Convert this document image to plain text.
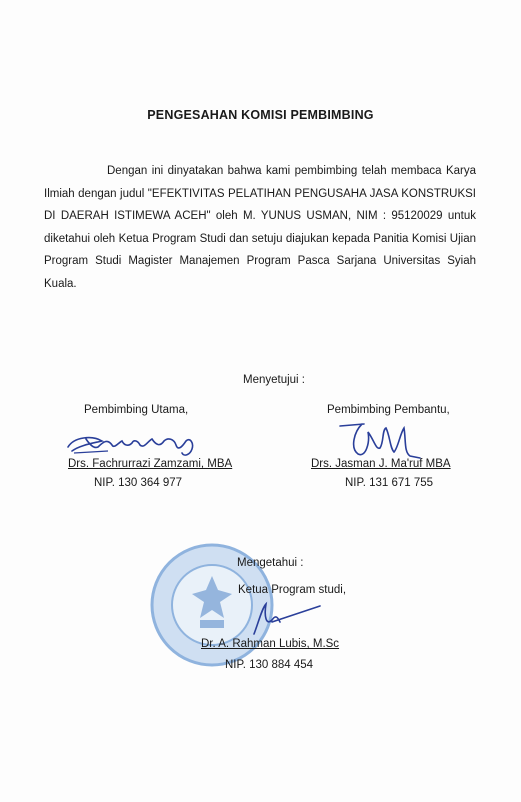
PENGESAHAN KOMISI PEMBIMBING

Dengan ini dinyatakan bahwa kami pembimbing telah membaca Karya Ilmiah dengan judul "EFEKTIVITAS PELATIHAN PENGUSAHA JASA KONSTRUKSI DI DAERAH ISTIMEWA ACEH" oleh M. YUNUS USMAN, NIM : 95120029 untuk diketahui oleh Ketua Program Studi dan setuju diajukan kepada Panitia Komisi Ujian Program Studi Magister Manajemen Program Pasca Sarjana Universitas Syiah Kuala.

Menyetujui :
Pembimbing Utama,
Drs. Fachrurrazi Zamzami, MBA
NIP. 130 364 977
Pembimbing Pembantu,
Drs. Jasman J. Ma'ruf MBA
NIP. 131 671 755
Mengetahui :
Ketua Program studi,
Dr. A. Rahman Lubis, M.Sc
NIP. 130 884 454
